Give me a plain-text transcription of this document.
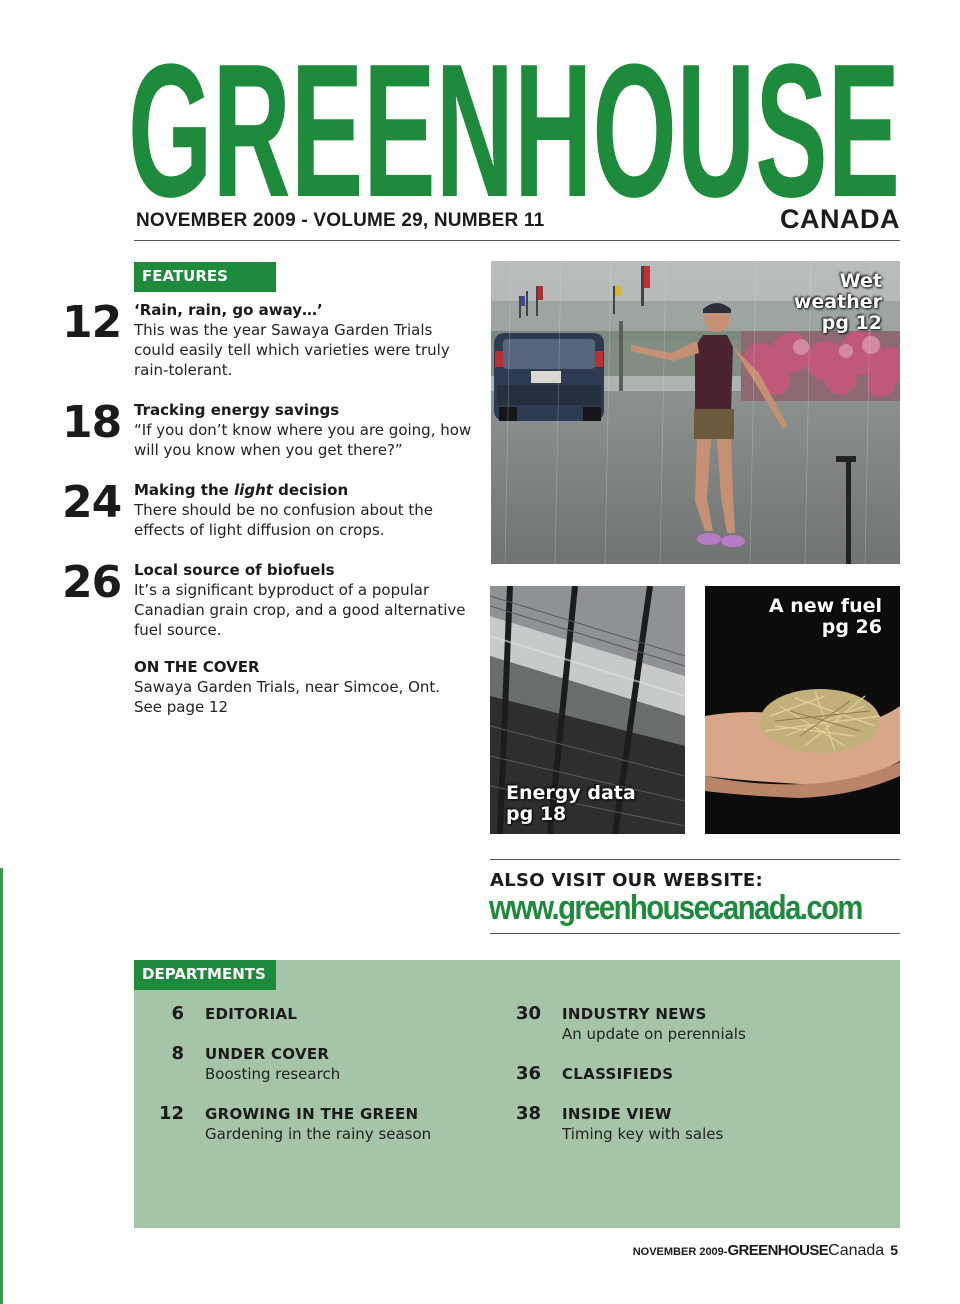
GREENHOUSE
NOVEMBER 2009 - VOLUME 29, NUMBER 11	CANADA
FEATURES
12 ‘Rain, rain, go away…’
This was the year Sawaya Garden Trials could easily tell which varieties were truly rain-tolerant.
18 Tracking energy savings
“If you don’t know where you are going, how will you know when you get there?”
24 Making the light decision
There should be no confusion about the effects of light diffusion on crops.
26 Local source of biofuels
It’s a significant byproduct of a popular Canadian grain crop, and a good alternative fuel source.
ON THE COVER
Sawaya Garden Trials, near Simcoe, Ont.
See page 12
Wet
weather
pg 12
Energy data
pg 18
A new fuel
pg 26
ALSO VISIT OUR WEBSITE:
www.greenhousecanada.com
DEPARTMENTS
6 EDITORIAL
8 UNDER COVER
Boosting research
12 GROWING IN THE GREEN
Gardening in the rainy season
30 INDUSTRY NEWS
An update on perennials
36 CLASSIFIEDS
38 INSIDE VIEW
Timing key with sales
NOVEMBER 2009-GREENHOUSECanada 5
